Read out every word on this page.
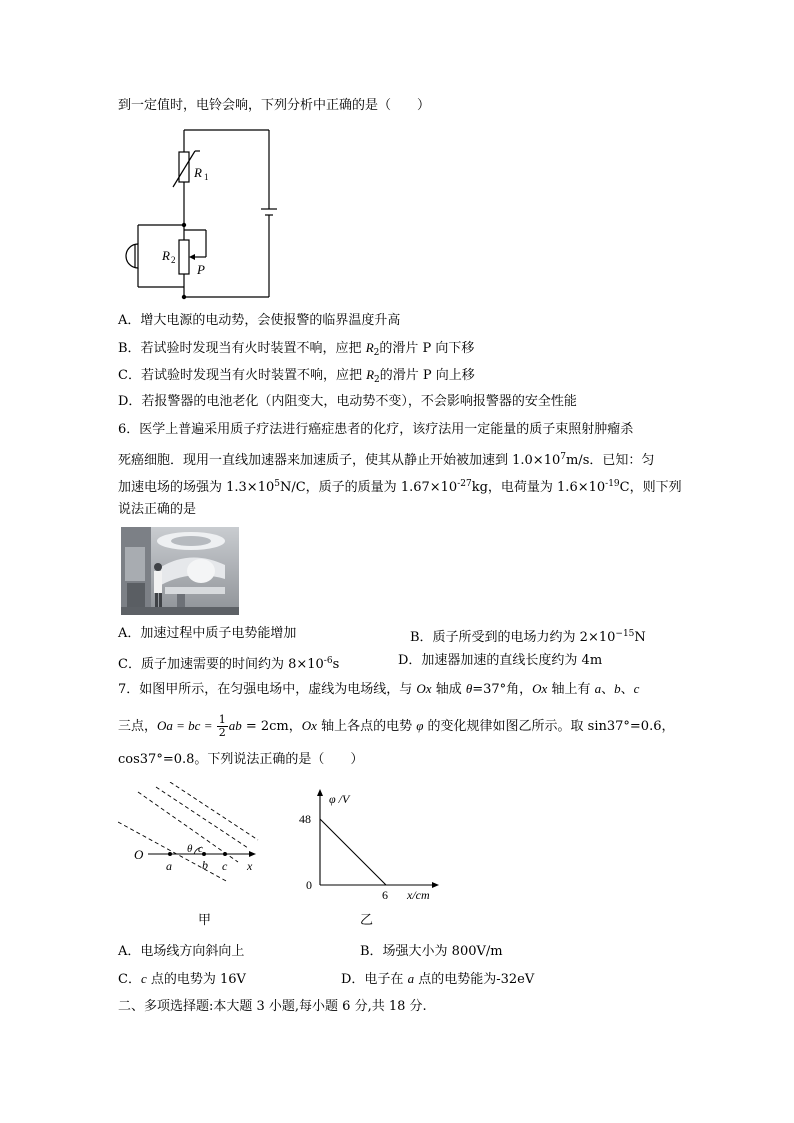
到一定值时，电铃会响，下列分析中正确的是（　　）
R 1
R 2
P
A．增大电源的电动势，会使报警的临界温度升高
B．若试验时发现当有火时装置不响，应把 $R_2$的滑片 P 向下移
C．若试验时发现当有火时装置不响，应把 $R_2$的滑片 P 向上移
D．若报警器的电池老化（内阻变大，电动势不变），不会影响报警器的安全性能
6．医学上普遍采用质子疗法进行癌症患者的化疗，该疗法用一定能量的质子束照射肿瘤杀
死癌细胞．现用一直线加速器来加速质子，使其从静止开始被加速到 $1.0\times 10^7m/s$．已知：匀
加速电场的场强为 $1.3\times 10^5N/C$，质子的质量为 $1.67\times 10^{-27}kg$，电荷量为 $1.6\times 10^{-19}C$，则下列
说法正确的是
A．加速过程中质子电势能增加	B．质子所受到的电场力约为 $2\times 10^{-15}N$
C．质子加速需要的时间约为 $8\times 10^{-6}s$	D．加速器加速的直线长度约为 4m
7．如图甲所示，在匀强电场中，虚线为电场线，与 Ox 轴成 θ=37°角，Ox 轴上有 a、b、c
三点，Oa = bc = $\frac{1}{2}$ ab = 2cm，Ox 轴上各点的电势 φ 的变化规律如图乙所示。取 sin37°=0.6，
cos37°=0.8。下列说法正确的是（　　）
O
a	b c x
θ c
甲
φ /V
48
0
6 x/cm
乙
A．电场线方向斜向上	B．场强大小为 800V/m
C．c 点的电势为 16V	D．电子在 a 点的电势能为-32eV
二、多项选择题:本大题 3 小题,每小题 6 分,共 18 分.
